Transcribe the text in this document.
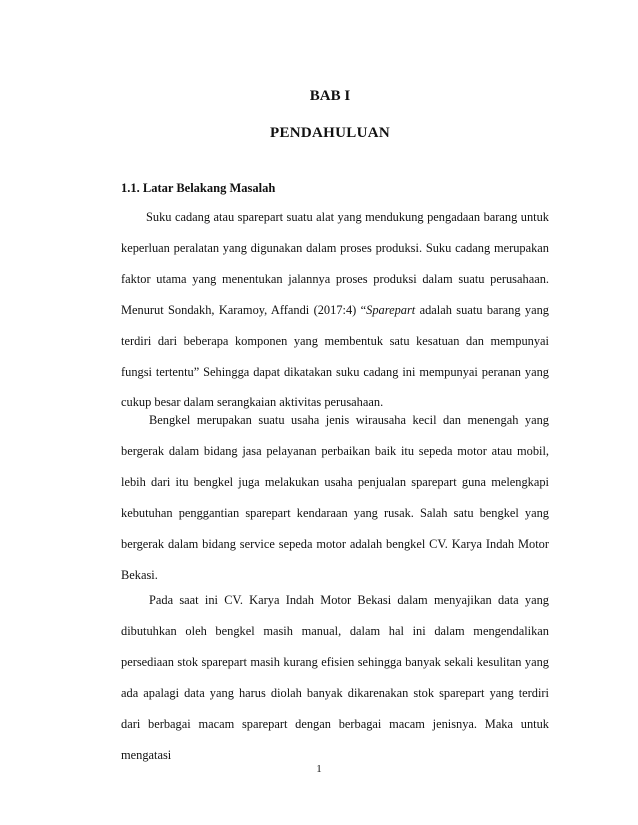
BAB I
PENDAHULUAN
1.1. Latar Belakang Masalah

Suku cadang atau sparepart suatu alat yang mendukung pengadaan barang untuk keperluan peralatan yang digunakan dalam proses produksi. Suku cadang merupakan faktor utama yang menentukan jalannya proses produksi dalam suatu perusahaan. Menurut Sondakh, Karamoy, Affandi (2017:4) “Sparepart adalah suatu barang yang terdiri dari beberapa komponen yang membentuk satu kesatuan dan mempunyai fungsi tertentu” Sehingga dapat dikatakan suku cadang ini mempunyai peranan yang cukup besar dalam serangkaian aktivitas perusahaan.

Bengkel merupakan suatu usaha jenis wirausaha kecil dan menengah yang bergerak dalam bidang jasa pelayanan perbaikan baik itu sepeda motor atau mobil, lebih dari itu bengkel juga melakukan usaha penjualan sparepart guna melengkapi kebutuhan penggantian sparepart kendaraan yang rusak. Salah satu bengkel yang bergerak dalam bidang service sepeda motor adalah bengkel CV. Karya Indah Motor Bekasi.

Pada saat ini CV. Karya Indah Motor Bekasi dalam menyajikan data yang dibutuhkan oleh bengkel masih manual, dalam hal ini dalam mengendalikan persediaan stok sparepart masih kurang efisien sehingga banyak sekali kesulitan yang ada apalagi data yang harus diolah banyak dikarenakan stok sparepart yang terdiri dari berbagai macam sparepart dengan berbagai macam jenisnya. Maka untuk mengatasi

1
